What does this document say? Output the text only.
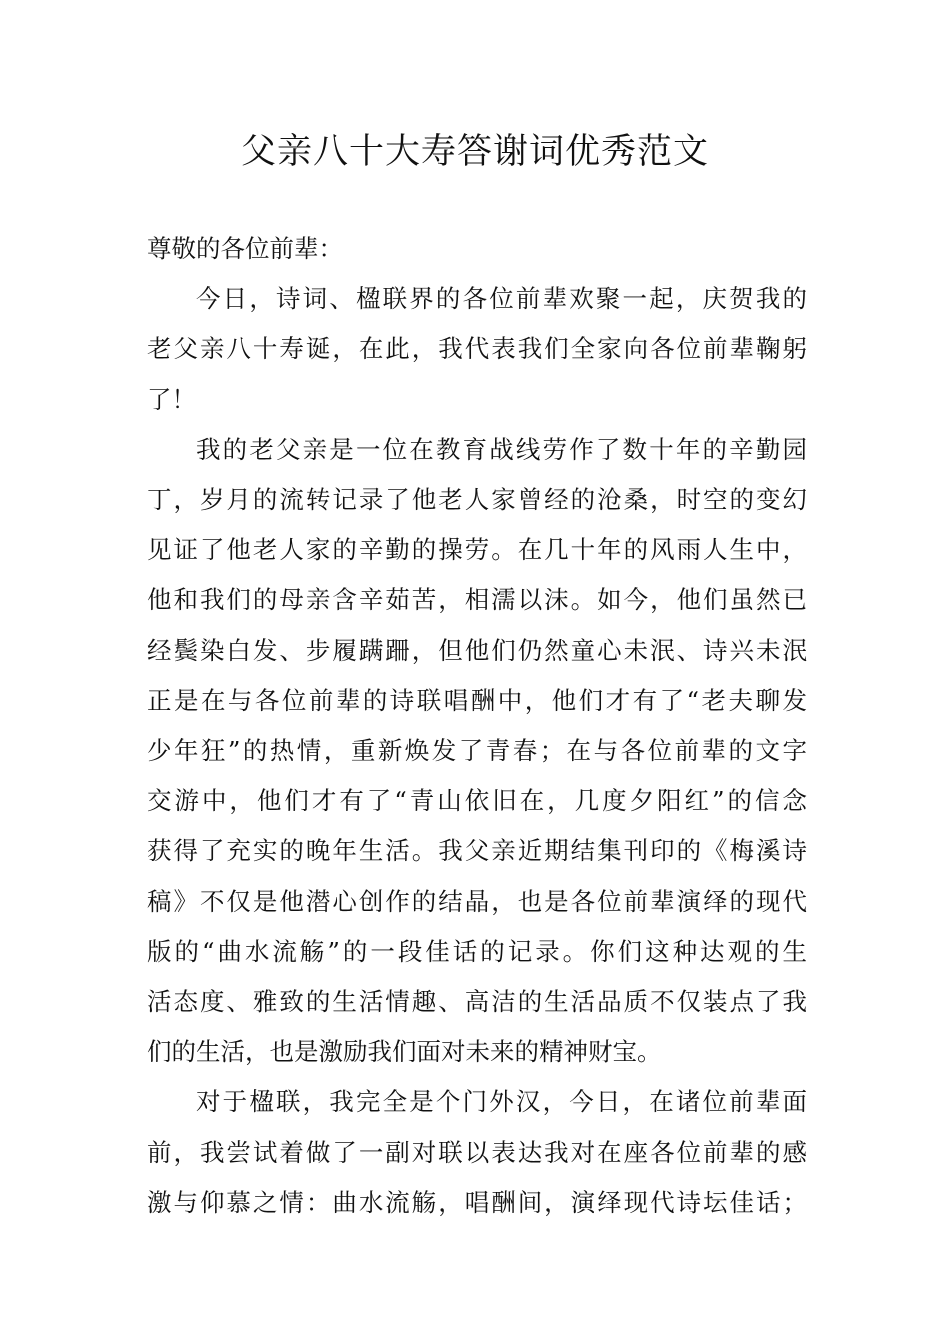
父亲八十大寿答谢词优秀范文
尊敬的各位前辈：
今日，诗词、楹联界的各位前辈欢聚一起，庆贺我的
老父亲八十寿诞，在此，我代表我们全家向各位前辈鞠躬
了！
我的老父亲是一位在教育战线劳作了数十年的辛勤园
丁，岁月的流转记录了他老人家曾经的沧桑，时空的变幻
见证了他老人家的辛勤的操劳。在几十年的风雨人生中，
他和我们的母亲含辛茹苦，相濡以沫。如今，他们虽然已
经鬓染白发、步履蹒跚，但他们仍然童心未泯、诗兴未泯
正是在与各位前辈的诗联唱酬中，他们才有了“老夫聊发
少年狂”的热情，重新焕发了青春；在与各位前辈的文字
交游中，他们才有了“青山依旧在，几度夕阳红”的信念
获得了充实的晚年生活。我父亲近期结集刊印的《梅溪诗
稿》不仅是他潜心创作的结晶，也是各位前辈演绎的现代
版的“曲水流觞”的一段佳话的记录。你们这种达观的生
活态度、雅致的生活情趣、高洁的生活品质不仅装点了我
们的生活，也是激励我们面对未来的精神财宝。
对于楹联，我完全是个门外汉，今日，在诸位前辈面
前，我尝试着做了一副对联以表达我对在座各位前辈的感
激与仰慕之情：曲水流觞，唱酬间，演绎现代诗坛佳话；
